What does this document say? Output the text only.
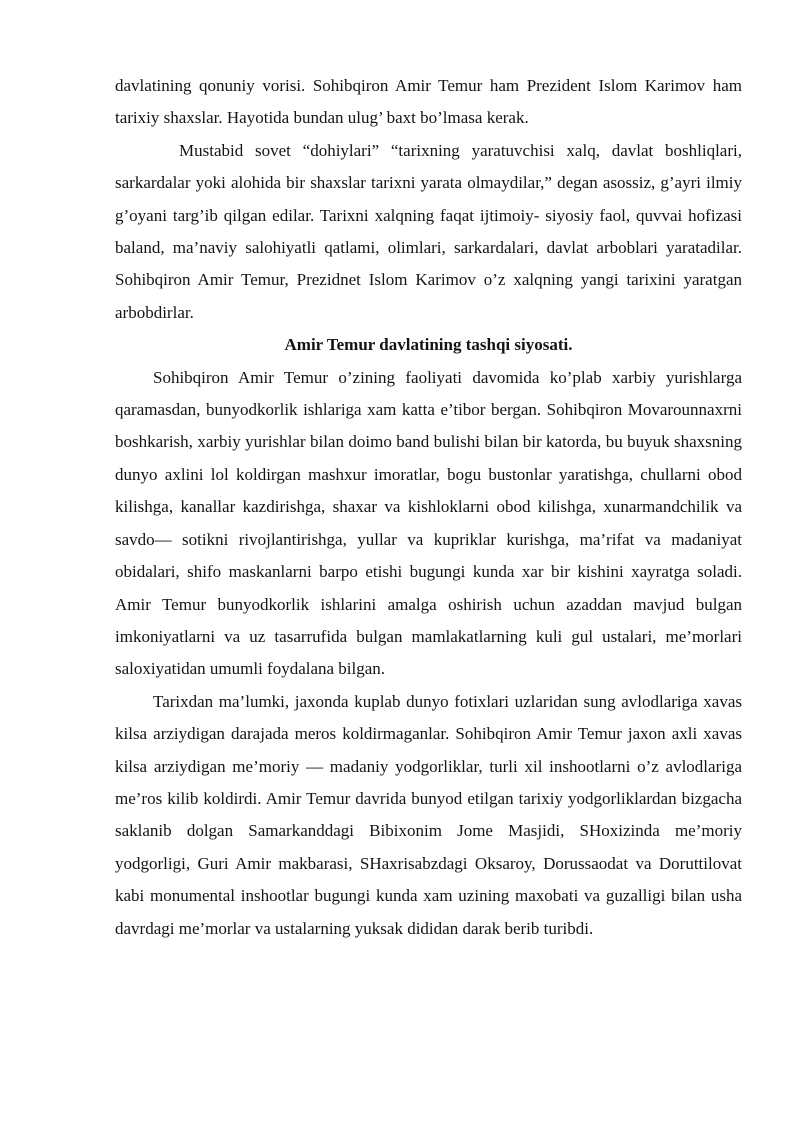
davlatining qonuniy vorisi. Sohibqiron Amir Temur ham Prezident Islom Karimov ham tarixiy shaxslar. Hayotida bundan ulug’ baxt bo’lmasa kerak.

Mustabid sovet “dohiylari” “tarixning yaratuvchisi xalq, davlat boshliqlari, sarkardalar yoki alohida bir shaxslar tarixni yarata olmaydilar,” degan asossiz, g’ayri ilmiy g’oyani targ’ib qilgan edilar. Tarixni xalqning faqat ijtimoiy- siyosiy faol, quvvai hofizasi baland, ma’naviy salohiyatli qatlami, olimlari, sarkardalari, davlat arboblari yaratadilar. Sohibqiron Amir Temur, Prezidnet Islom Karimov o’z xalqning yangi tarixini yaratgan arbobdirlar.

Amir Temur davlatining tashqi siyosati.

Sohibqiron Amir Temur o’zining faoliyati davomida ko’plab xarbiy yurishlarga qaramasdan, bunyodkorlik ishlariga xam katta e’tibor bergan. Sohibqiron Movarounnaxrni boshkarish, xarbiy yurishlar bilan doimo band bulishi bilan bir katorda, bu buyuk shaxsning dunyo axlini lol koldirgan mashxur imoratlar, bogu bustonlar yaratishga, chullarni obod kilishga, kanallar kazdirishga, shaxar va kishloklarni obod kilishga, xunarmandchilik va savdo— sotikni rivojlantirishga, yullar va kupriklar kurishga, ma’rifat va madaniyat obidalari, shifo maskanlarni barpo etishi bugungi kunda xar bir kishini xayratga soladi. Amir Temur bunyodkorlik ishlarini amalga oshirish uchun azaddan mavjud bulgan imkoniyatlarni va uz tasarrufida bulgan mamlakatlarning kuli gul ustalari, me’morlari saloxiyatidan umumli foydalana bilgan.

Tarixdan ma’lumki, jaxonda kuplab dunyo fotixlari uzlaridan sung avlodlariga xavas kilsa arziydigan darajada meros koldirmaganlar. Sohibqiron Amir Temur jaxon axli xavas kilsa arziydigan me’moriy — madaniy yodgorliklar, turli xil inshootlarni o’z avlodlariga me’ros kilib koldirdi. Amir Temur davrida bunyod etilgan tarixiy yodgorliklardan bizgacha saklanib dolgan Samarkanddagi Bibixonim Jome Masjidi, SHoxizinda me’moriy yodgorligi, Guri Amir makbarasi, SHaxrisabzdagi Oksaroy, Dorussaodat va Doruttilovat kabi monumental inshootlar bugungi kunda xam uzining maxobati va guzalligi bilan usha davrdagi me’morlar va ustalarning yuksak dididan darak berib turibdi.
